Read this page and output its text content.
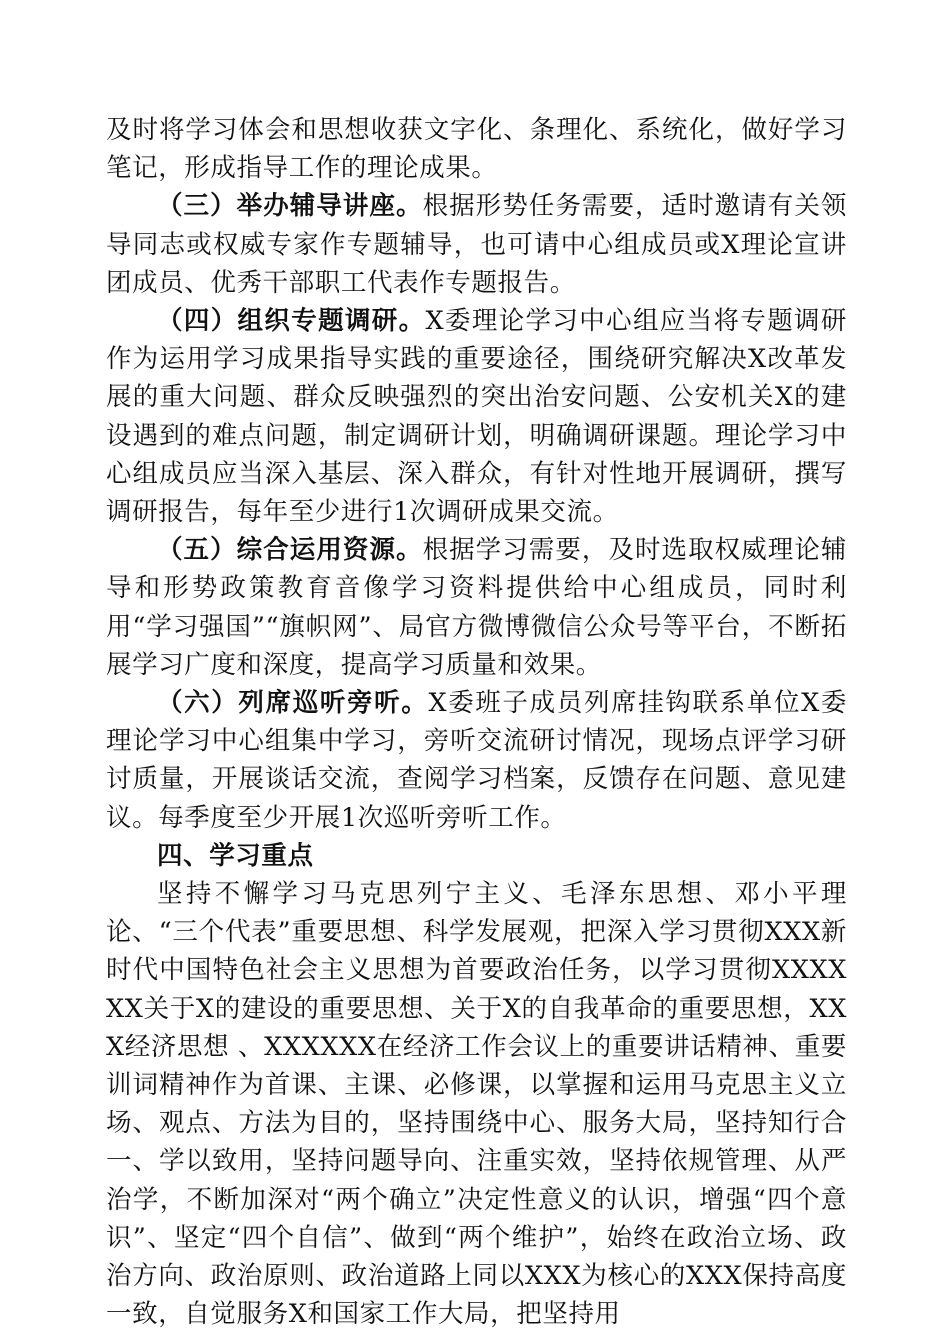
及时将学习体会和思想收获文字化、条理化、系统化，做好学习笔记，形成指导工作的理论成果。

（三）举办辅导讲座。根据形势任务需要，适时邀请有关领导同志或权威专家作专题辅导，也可请中心组成员或X理论宣讲团成员、优秀干部职工代表作专题报告。

（四）组织专题调研。X委理论学习中心组应当将专题调研作为运用学习成果指导实践的重要途径，围绕研究解决X改革发展的重大问题、群众反映强烈的突出治安问题、公安机关X的建设遇到的难点问题，制定调研计划，明确调研课题。理论学习中心组成员应当深入基层、深入群众，有针对性地开展调研，撰写调研报告，每年至少进行1次调研成果交流。

（五）综合运用资源。根据学习需要，及时选取权威理论辅导和形势政策教育音像学习资料提供给中心组成员，同时利用“学习强国”“旗帜网”、局官方微博微信公众号等平台，不断拓展学习广度和深度，提高学习质量和效果。

（六）列席巡听旁听。X委班子成员列席挂钩联系单位X委理论学习中心组集中学习，旁听交流研讨情况，现场点评学习研讨质量，开展谈话交流，查阅学习档案，反馈存在问题、意见建议。每季度至少开展1次巡听旁听工作。

四、学习重点

坚持不懈学习马克思列宁主义、毛泽东思想、邓小平理论、“三个代表”重要思想、科学发展观，把深入学习贯彻XXX新时代中国特色社会主义思想为首要政治任务，以学习贯彻XXXXXX关于X的建设的重要思想、关于X的自我革命的重要思想，XXX经济思想 、XXXXXX在经济工作会议上的重要讲话精神、重要训词精神作为首课、主课、必修课，以掌握和运用马克思主义立场、观点、方法为目的，坚持围绕中心、服务大局，坚持知行合一、学以致用，坚持问题导向、注重实效，坚持依规管理、从严治学，不断加深对“两个确立”决定性意义的认识，增强“四个意识”、坚定“四个自信”、做到“两个维护”，始终在政治立场、政治方向、政治原则、政治道路上同以XXX为核心的XXX保持高度一致，自觉服务X和国家工作大局，把坚持用
